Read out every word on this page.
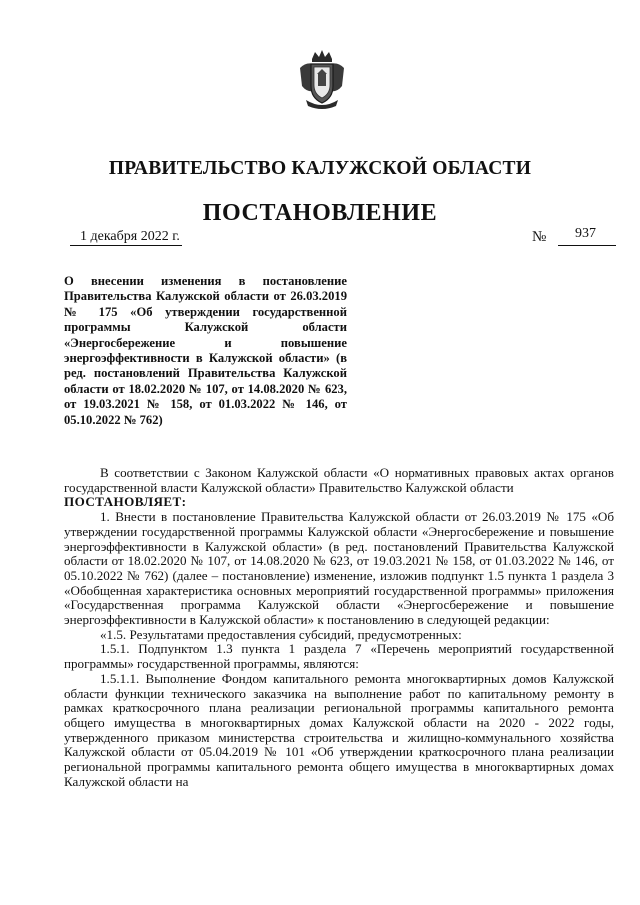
ПРАВИТЕЛЬСТВО КАЛУЖСКОЙ ОБЛАСТИ
ПОСТАНОВЛЕНИЕ
1 декабря 2022 г.	№ 937
О внесении изменения в постановление Правительства Калужской области от 26.03.2019 № 175 «Об утверждении государственной программы Калужской области «Энергосбережение и повышение энергоэффективности в Калужской области» (в ред. постановлений Правительства Калужской области от 18.02.2020 № 107, от 14.08.2020 № 623, от 19.03.2021 № 158, от 01.03.2022 № 146, от 05.10.2022 № 762)

В соответствии с Законом Калужской области «О нормативных правовых актах органов государственной власти Калужской области» Правительство Калужской области

ПОСТАНОВЛЯЕТ:

1. Внести в постановление Правительства Калужской области от 26.03.2019 № 175 «Об утверждении государственной программы Калужской области «Энергосбережение и повышение энергоэффективности в Калужской области» (в ред. постановлений Правительства Калужской области от 18.02.2020 № 107, от 14.08.2020 № 623, от 19.03.2021 № 158, от 01.03.2022 № 146, от 05.10.2022 № 762) (далее – постановление) изменение, изложив подпункт 1.5 пункта 1 раздела 3 «Обобщенная характеристика основных мероприятий государственной программы» приложения «Государственная программа Калужской области «Энергосбережение и повышение энергоэффективности в Калужской области» к постановлению в следующей редакции:

«1.5. Результатами предоставления субсидий, предусмотренных:

1.5.1. Подпунктом 1.3 пункта 1 раздела 7 «Перечень мероприятий государственной программы» государственной программы, являются:

1.5.1.1. Выполнение Фондом капитального ремонта многоквартирных домов Калужской области функции технического заказчика на выполнение работ по капитальному ремонту в рамках краткосрочного плана реализации региональной программы капитального ремонта общего имущества в многоквартирных домах Калужской области на 2020 - 2022 годы, утвержденного приказом министерства строительства и жилищно-коммунального хозяйства Калужской области от 05.04.2019 № 101 «Об утверждении краткосрочного плана реализации региональной программы капитального ремонта общего имущества в многоквартирных домах Калужской области на
